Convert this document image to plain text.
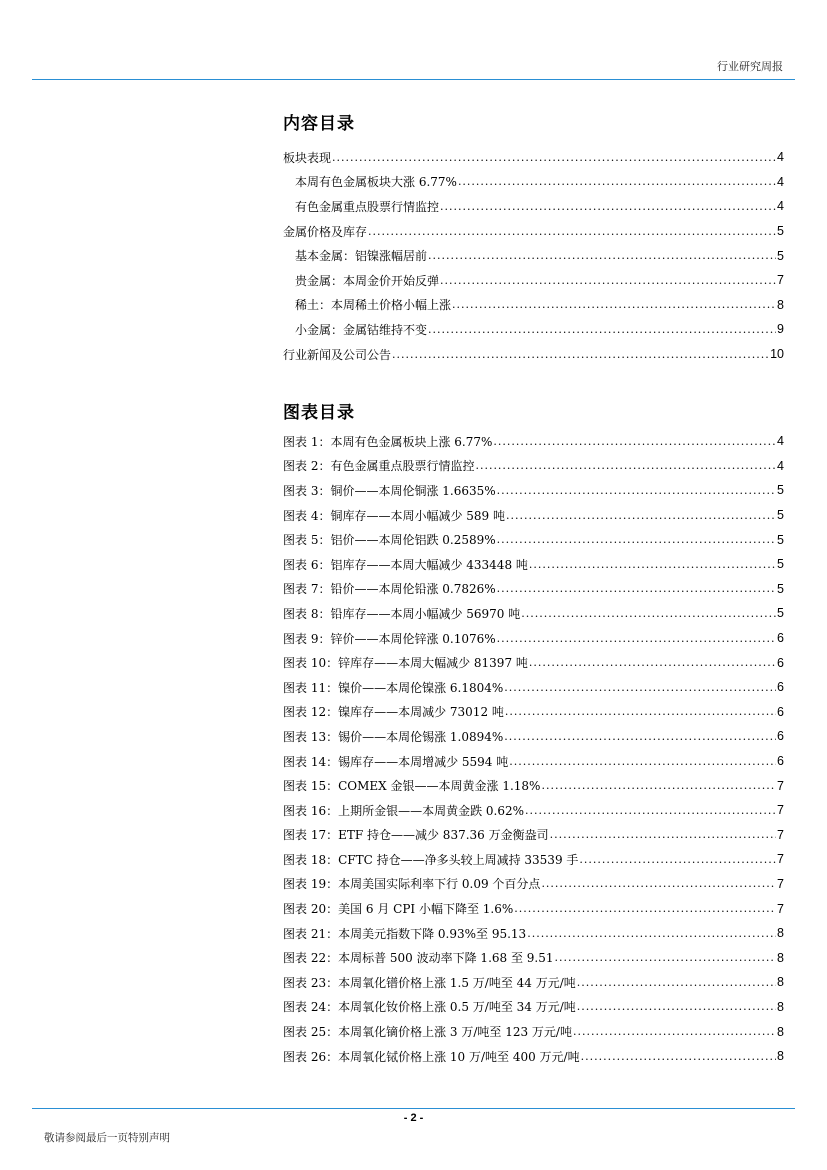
行业研究周报
内容目录
板块表现 .....	4
本周有色金属板块大涨 6.77% .....	4
有色金属重点股票行情监控 .....	4
金属价格及库存 .....	5
基本金属：铝镍涨幅居前 .....	5
贵金属：本周金价开始反弹 .....	7
稀土：本周稀土价格小幅上涨 .....	8
小金属：金属钴维持不变 .....	9
行业新闻及公司公告 .....	10
图表目录
图表 1：本周有色金属板块上涨 6.77% .....	4
图表 2：有色金属重点股票行情监控 .....	4
图表 3：铜价——本周伦铜涨 1.6635% .....	5
图表 4：铜库存——本周小幅减少 589 吨 .....	5
图表 5：铝价——本周伦铝跌 0.2589% .....	5
图表 6：铝库存——本周大幅减少 433448 吨 .....	5
图表 7：铅价——本周伦铅涨 0.7826% .....	5
图表 8：铅库存——本周小幅减少 56970 吨 .....	5
图表 9：锌价——本周伦锌涨 0.1076% .....	6
图表 10：锌库存——本周大幅减少 81397 吨 .....	6
图表 11：镍价——本周伦镍涨 6.1804% .....	6
图表 12：镍库存——本周减少 73012 吨 .....	6
图表 13：锡价——本周伦锡涨 1.0894% .....	6
图表 14：锡库存——本周增减少 5594 吨 .....	6
图表 15：COMEX 金银——本周黄金涨 1.18% .....	7
图表 16：上期所金银——本周黄金跌 0.62% .....	7
图表 17：ETF 持仓——减少 837.36 万金衡盎司 .....	7
图表 18：CFTC 持仓——净多头较上周减持 33539 手 .....	7
图表 19：本周美国实际利率下行 0.09 个百分点 .....	7
图表 20：美国 6 月 CPI 小幅下降至 1.6% .....	7
图表 21：本周美元指数下降 0.93%至 95.13 .....	8
图表 22：本周标普 500 波动率下降 1.68 至 9.51 .....	8
图表 23：本周氧化镨价格上涨 1.5 万/吨至 44 万元/吨 .....	8
图表 24：本周氧化钕价格上涨 0.5 万/吨至 34 万元/吨 .....	8
图表 25：本周氧化镝价格上涨 3 万/吨至 123 万元/吨 .....	8
图表 26：本周氧化铽价格上涨 10 万/吨至 400 万元/吨 .....	8
- 2 -
敬请参阅最后一页特别声明
